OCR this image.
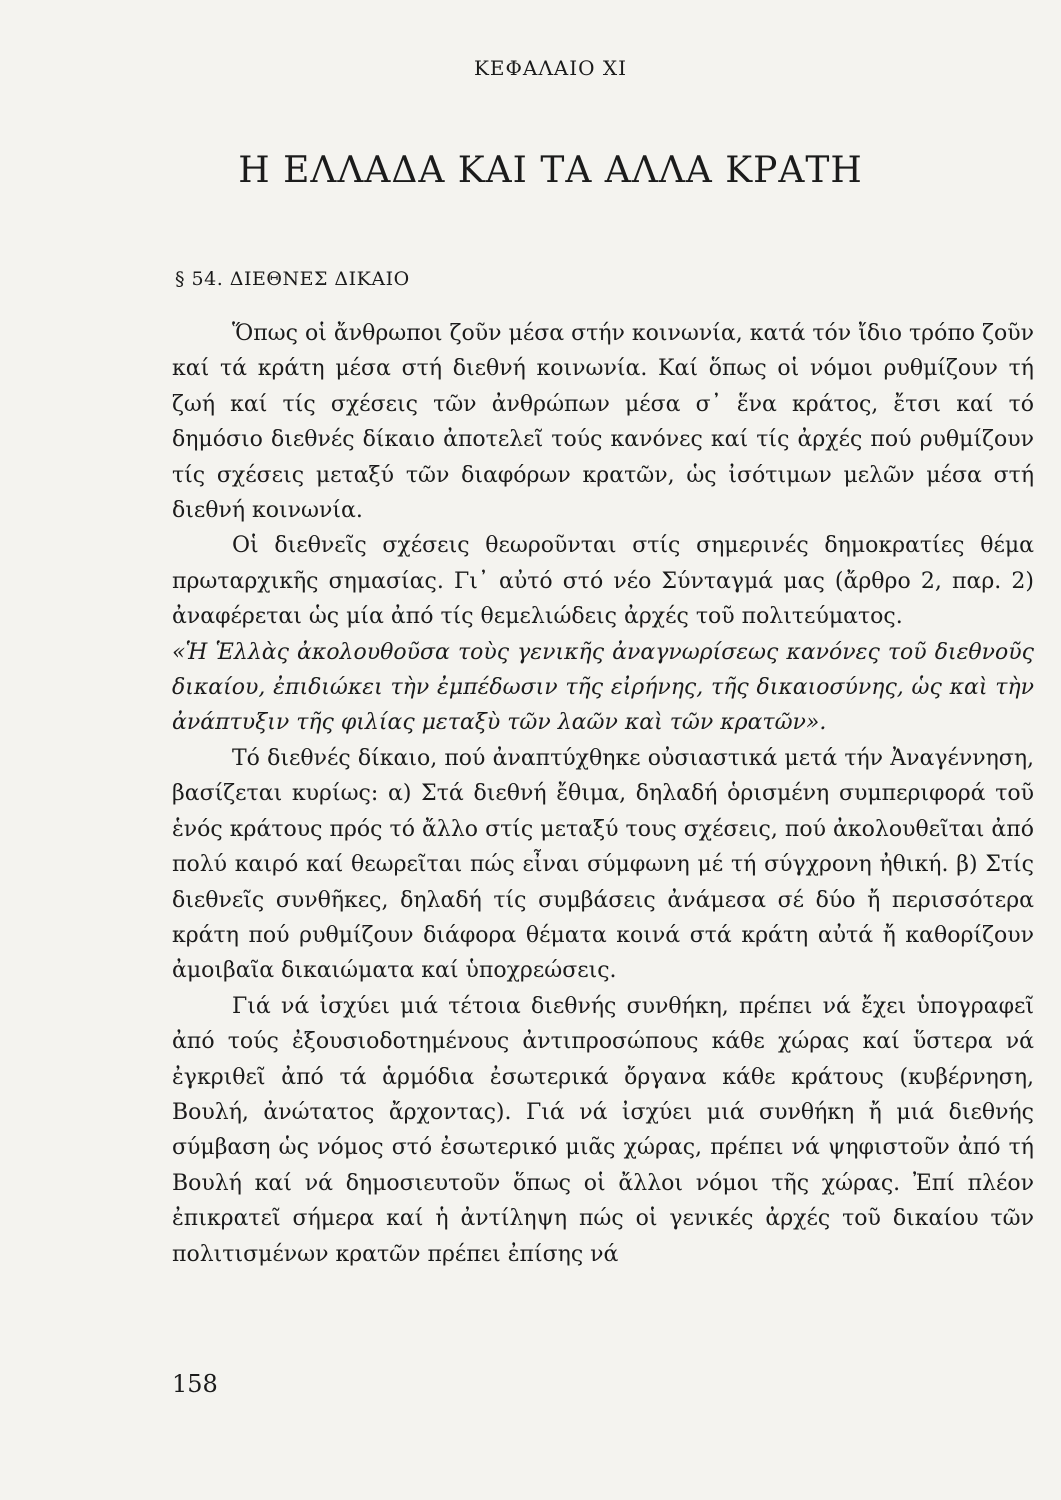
ΚΕΦΑΛΑΙΟ XI
Η ΕΛΛΑΔΑ ΚΑΙ ΤΑ ΑΛΛΑ ΚΡΑΤΗ
§ 54. ΔΙΕΘΝΕΣ ΔΙΚΑΙΟ

Ὅπως οἱ ἄνθρωποι ζοῦν μέσα στήν κοινωνία, κατά τόν ἴδιο τρόπο ζοῦν καί τά κράτη μέσα στή διεθνή κοινωνία. Καί ὅπως οἱ νόμοι ρυθμίζουν τή ζωή καί τίς σχέσεις τῶν ἀνθρώπων μέσα σ᾿ ἕνα κράτος, ἔτσι καί τό δημόσιο διεθνές δίκαιο ἀποτελεῖ τούς κανόνες καί τίς ἀρχές πού ρυθμίζουν τίς σχέσεις μεταξύ τῶν διαφόρων κρατῶν, ὡς ἰσότιμων μελῶν μέσα στή διεθνή κοινωνία.

Οἱ διεθνεῖς σχέσεις θεωροῦνται στίς σημερινές δημοκρατίες θέμα πρωταρχικῆς σημασίας. Γι᾿ αὐτό στό νέο Σύνταγμά μας (ἄρθρο 2, παρ. 2) ἀναφέρεται ὡς μία ἀπό τίς θεμελιώδεις ἀρχές τοῦ πολιτεύματος.

«Ἡ Ἑλλὰς ἀκολουθοῦσα τοὺς γενικῆς ἀναγνωρίσεως κανόνες τοῦ διεθνοῦς δικαίου, ἐπιδιώκει τὴν ἐμπέδωσιν τῆς εἰρήνης, τῆς δικαιοσύνης, ὡς καὶ τὴν ἀνάπτυξιν τῆς φιλίας μεταξὺ τῶν λαῶν καὶ τῶν κρατῶν».

Τό διεθνές δίκαιο, πού ἀναπτύχθηκε οὐσιαστικά μετά τήν Ἀναγέννηση, βασίζεται κυρίως: α) Στά διεθνή ἔθιμα, δηλαδή ὁρισμένη συμπεριφορά τοῦ ἑνός κράτους πρός τό ἄλλο στίς μεταξύ τους σχέσεις, πού ἀκολουθεῖται ἀπό πολύ καιρό καί θεωρεῖται πώς εἶναι σύμφωνη μέ τή σύγχρονη ἠθική. β) Στίς διεθνεῖς συνθῆκες, δηλαδή τίς συμβάσεις ἀνάμεσα σέ δύο ἤ περισσότερα κράτη πού ρυθμίζουν διάφορα θέματα κοινά στά κράτη αὐτά ἤ καθορίζουν ἀμοιβαῖα δικαιώματα καί ὑποχρεώσεις.

Γιά νά ἰσχύει μιά τέτοια διεθνής συνθήκη, πρέπει νά ἔχει ὑπογραφεῖ ἀπό τούς ἐξουσιοδοτημένους ἀντιπροσώπους κάθε χώρας καί ὕστερα νά ἐγκριθεῖ ἀπό τά ἁρμόδια ἐσωτερικά ὄργανα κάθε κράτους (κυβέρνηση, Βουλή, ἀνώτατος ἄρχοντας). Γιά νά ἰσχύει μιά συνθήκη ἤ μιά διεθνής σύμβαση ὡς νόμος στό ἐσωτερικό μιᾶς χώρας, πρέπει νά ψηφιστοῦν ἀπό τή Βουλή καί νά δημοσιευτοῦν ὅπως οἱ ἄλλοι νόμοι τῆς χώρας. Ἐπί πλέον ἐπικρατεῖ σήμερα καί ἡ ἀντίληψη πώς οἱ γενικές ἀρχές τοῦ δικαίου τῶν πολιτισμένων κρατῶν πρέπει ἐπίσης νά

158
